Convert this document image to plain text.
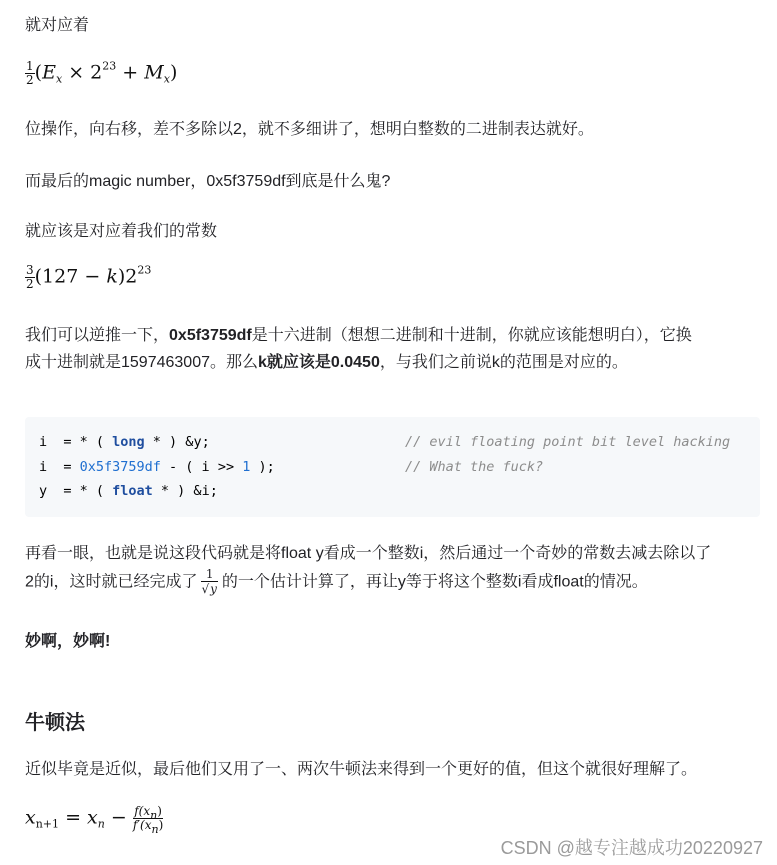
就对应着

$\frac{1}{2} (E_x \times 2^{23} + M_x)$

位操作，向右移，差不多除以2，就不多细讲了，想明白整数的二进制表达就好。

而最后的magic number，0x5f3759df到底是什么鬼?

就应该是对应着我们的常数

$\frac{3}{2} (127 - k)2^{23}$

我们可以逆推一下，0x5f3759df是十六进制（想想二进制和十进制，你就应该能想明白），它换

成十进制就是1597463007。那么k就应该是0.0450，与我们之前说k的范围是对应的。

i  = * ( long * ) &y;	// evil floating point bit level hacking
i  = 0x5f3759df - ( i >> 1 );	// What the fuck?
y  = * ( float * ) &i;

再看一眼，也就是说这段代码就是将float y看成一个整数i，然后通过一个奇妙的常数去减去除以了

2的i，这时就已经完成了 $\frac{1}{√y}$ 的一个估计计算了，再让y等于将这个整数i看成float的情况。

妙啊，妙啊!

牛顿法

近似毕竟是近似，最后他们又用了一、两次牛顿法来得到一个更好的值，但这个就很好理解了。

$x_{n+1} = x_n - \frac{f(x_n)}{f'(x_n)}$
CSDN @越专注越成功20220927
